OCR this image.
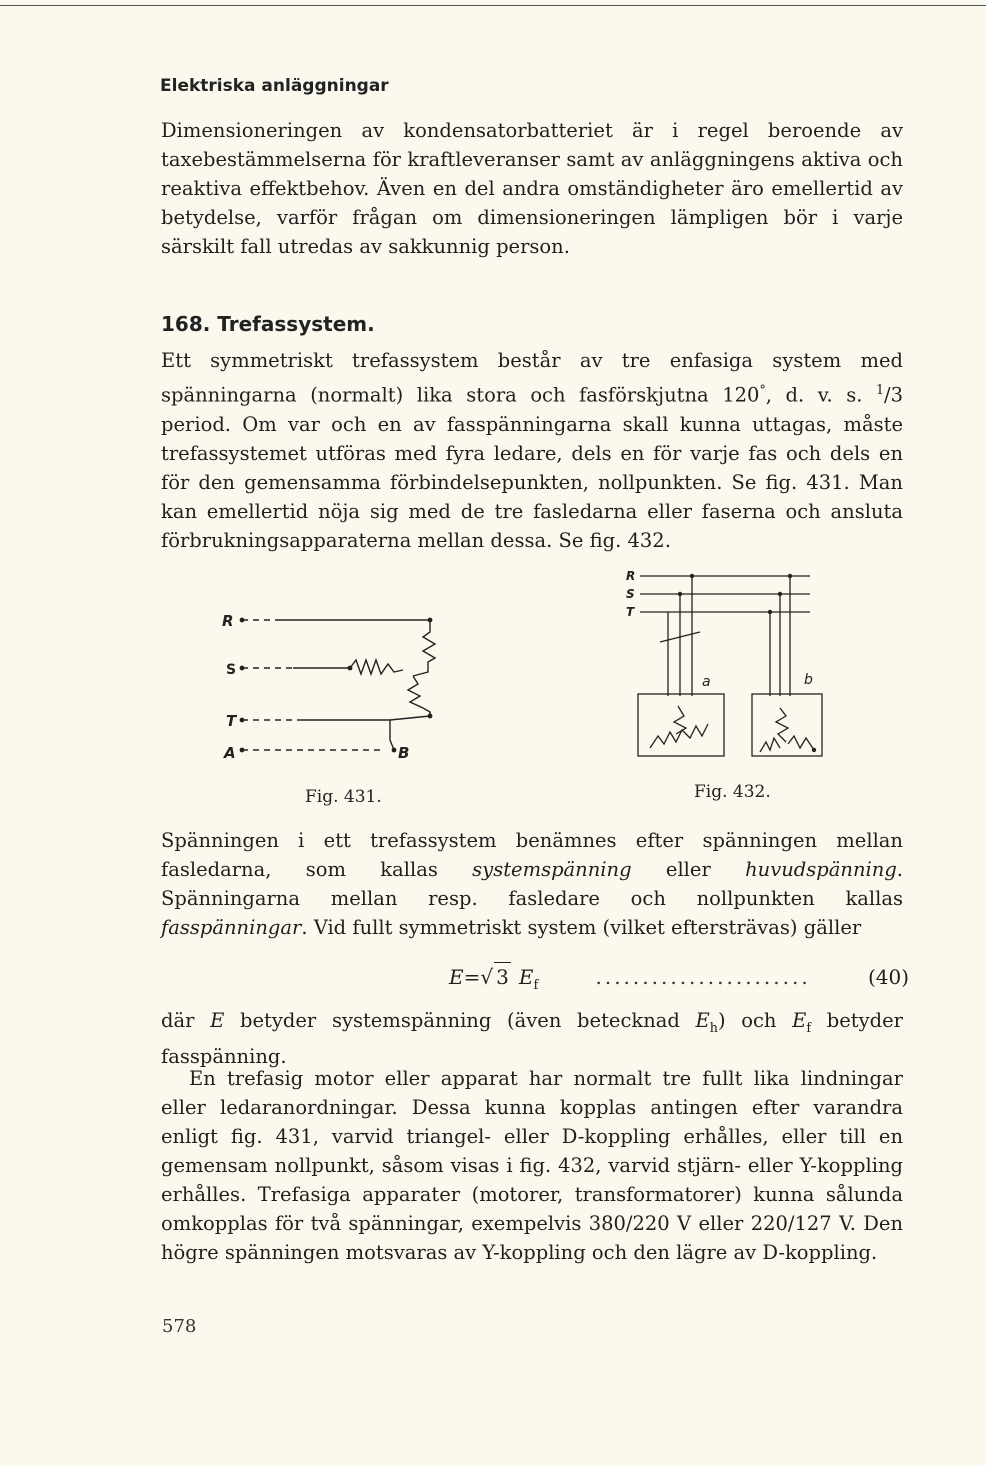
Elektriska anläggningar

Dimensioneringen av kondensatorbatteriet är i regel beroende av taxebestämmelserna för kraftleveranser samt av anläggningens aktiva och reaktiva effektbehov. Även en del andra omständigheter äro emellertid av betydelse, varför frågan om dimensioneringen lämpligen bör i varje särskilt fall utredas av sakkunnig person.

168. Trefassystem.

Ett symmetriskt trefassystem består av tre enfasiga system med spänningarna (normalt) lika stora och fasförskjutna 120°, d. v. s. $^1$/3 period. Om var och en av fasspänningarna skall kunna uttagas, måste trefassystemet utföras med fyra ledare, dels en för varje fas och dels en för den gemensamma förbindelsepunkten, nollpunkten. Se fig. 431. Man kan emellertid nöja sig med de tre fasledarna eller faserna och ansluta förbrukningsapparaterna mellan dessa. Se fig. 432.

R
S
T
A	B
Fig. 431.
R
S
T
a	b
Fig. 432.

Spänningen i ett trefassystem benämnes efter spänningen mellan fasledarna, som kallas systemspänning eller huvudspänning. Spänningarna mellan resp. fasledare och nollpunkten kallas fasspänningar. Vid fullt symmetriskt system (vilket eftersträvas) gäller

E = √ 3 $E_f$	.......................	(40)

där E betyder systemspänning (även betecknad $E_h$) och $E_f$ betyder fasspänning.

En trefasig motor eller apparat har normalt tre fullt lika lindningar eller ledaranordningar. Dessa kunna kopplas antingen efter varandra enligt fig. 431, varvid triangel- eller D-koppling erhålles, eller till en gemensam nollpunkt, såsom visas i fig. 432, varvid stjärn- eller Y-koppling erhålles. Trefasiga apparater (motorer, transformatorer) kunna sålunda omkopplas för två spänningar, exempelvis 380/220 V eller 220/127 V. Den högre spänningen motsvaras av Y-koppling och den lägre av D-koppling.

578
